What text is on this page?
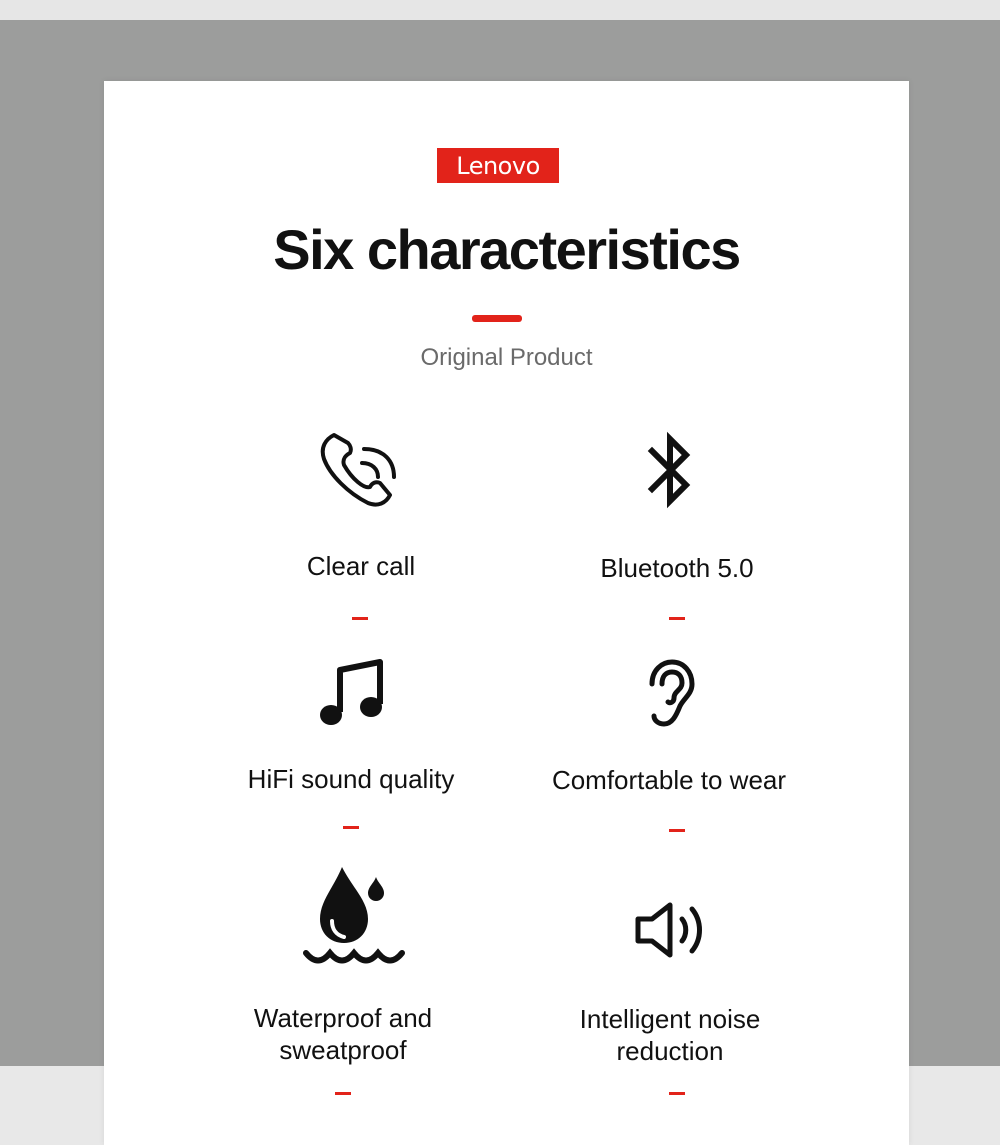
Lenovo
Six characteristics
Original Product
Clear call	Bluetooth 5.0
HiFi sound quality	Comfortable to wear
Waterproof and
sweatproof
Intelligent noise
reduction
